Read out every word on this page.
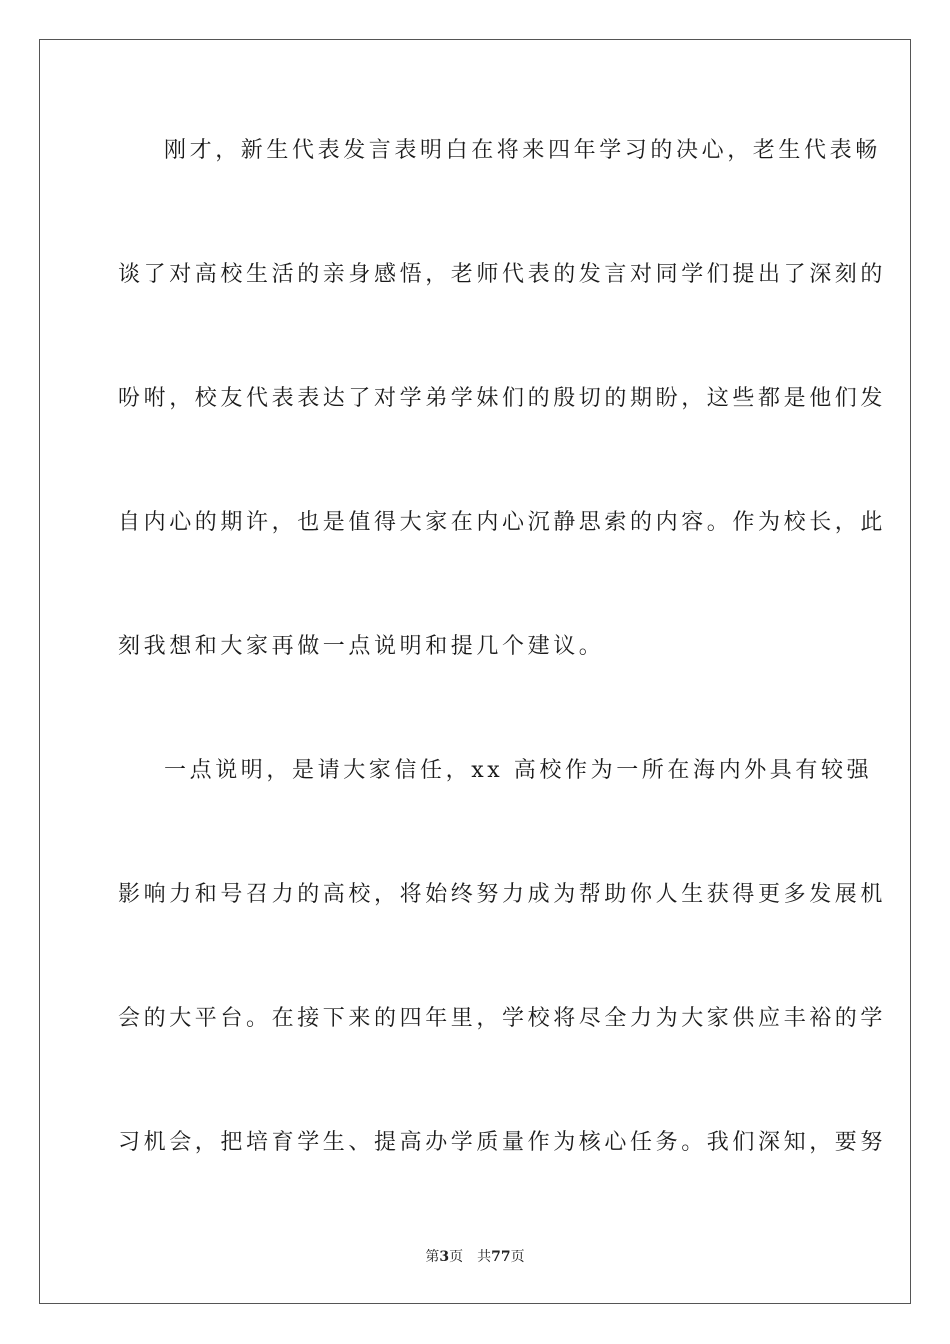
刚才，新生代表发言表明白在将来四年学习的决心，老生代表畅
谈了对高校生活的亲身感悟，老师代表的发言对同学们提出了深刻的
吩咐，校友代表表达了对学弟学妹们的殷切的期盼，这些都是他们发
自内心的期许，也是值得大家在内心沉静思索的内容。作为校长，此
刻我想和大家再做一点说明和提几个建议。
一点说明，是请大家信任，xx 高校作为一所在海内外具有较强
影响力和号召力的高校，将始终努力成为帮助你人生获得更多发展机
会的大平台。在接下来的四年里，学校将尽全力为大家供应丰裕的学
习机会，把培育学生、提高办学质量作为核心任务。我们深知，要努
第3页 共77页
